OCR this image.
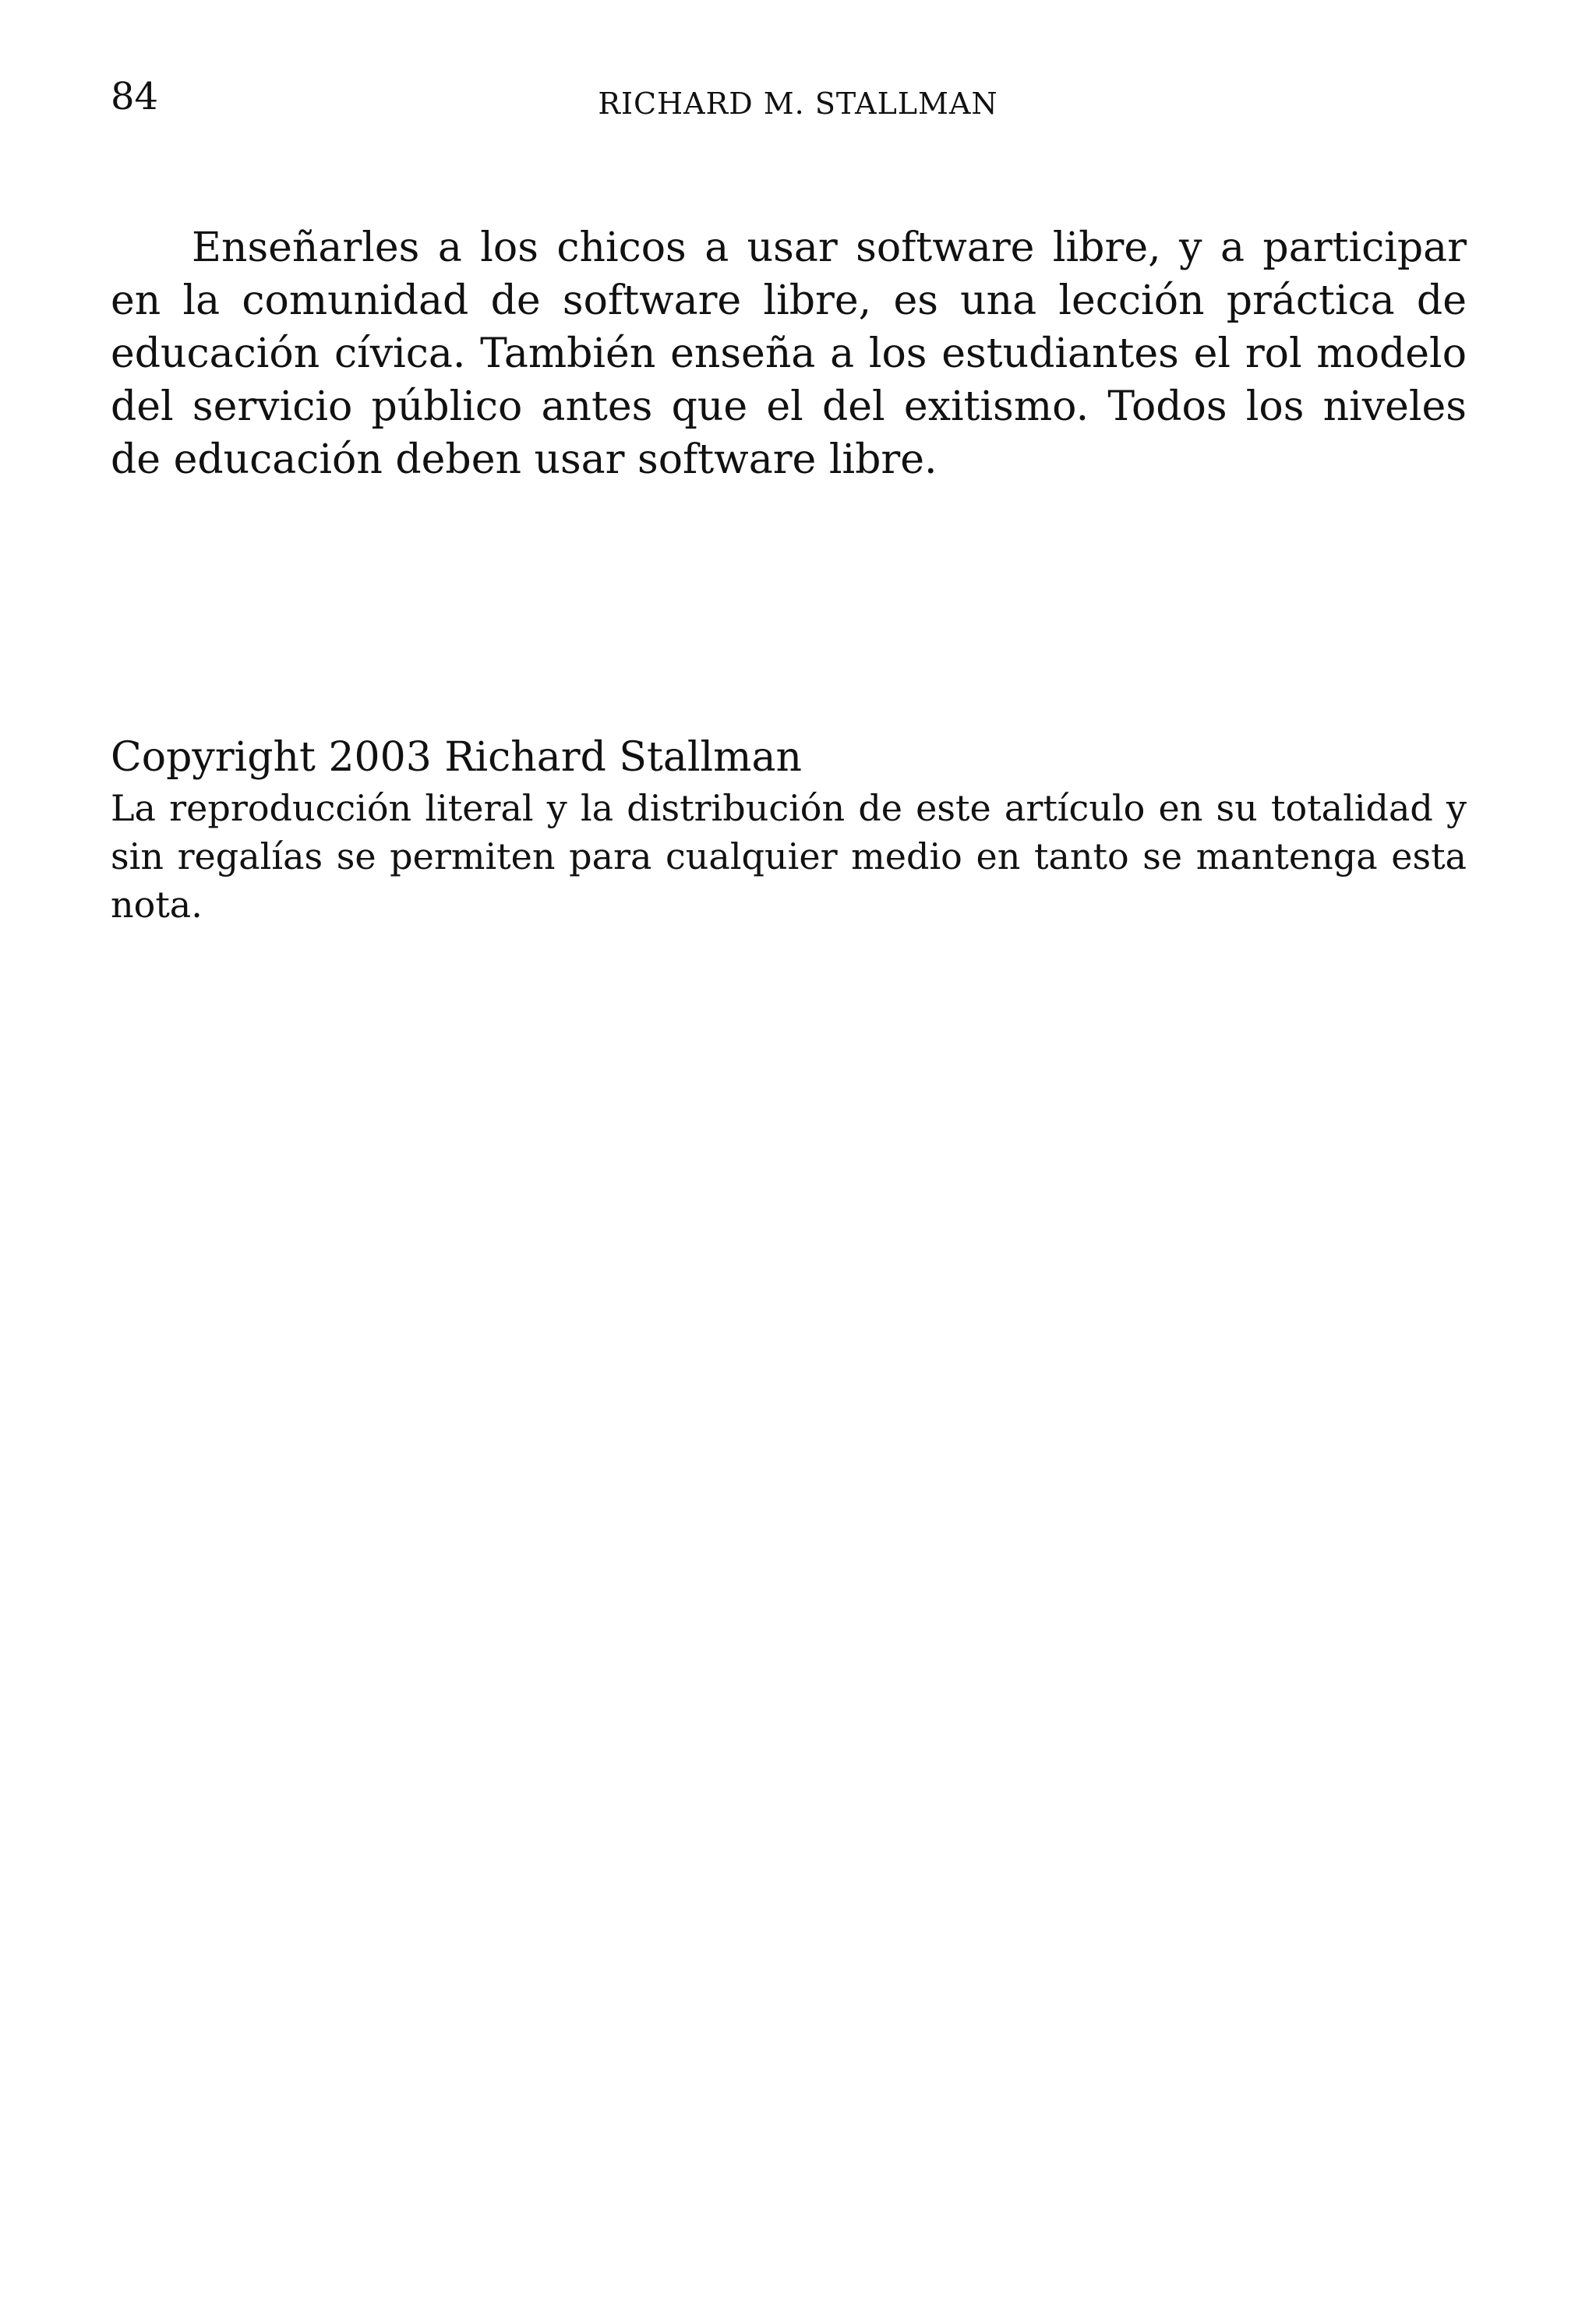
84	RICHARD M. STALLMAN

Enseñarles a los chicos a usar software libre, y a participar en la comunidad de software libre, es una lección práctica de educación cívica. También enseña a los estudiantes el rol modelo del servicio público antes que el del exitismo. Todos los niveles de educación deben usar software libre.

Copyright 2003 Richard Stallman

La reproducción literal y la distribución de este artículo en su totalidad y sin regalías se permiten para cualquier medio en tanto se mantenga esta nota.
